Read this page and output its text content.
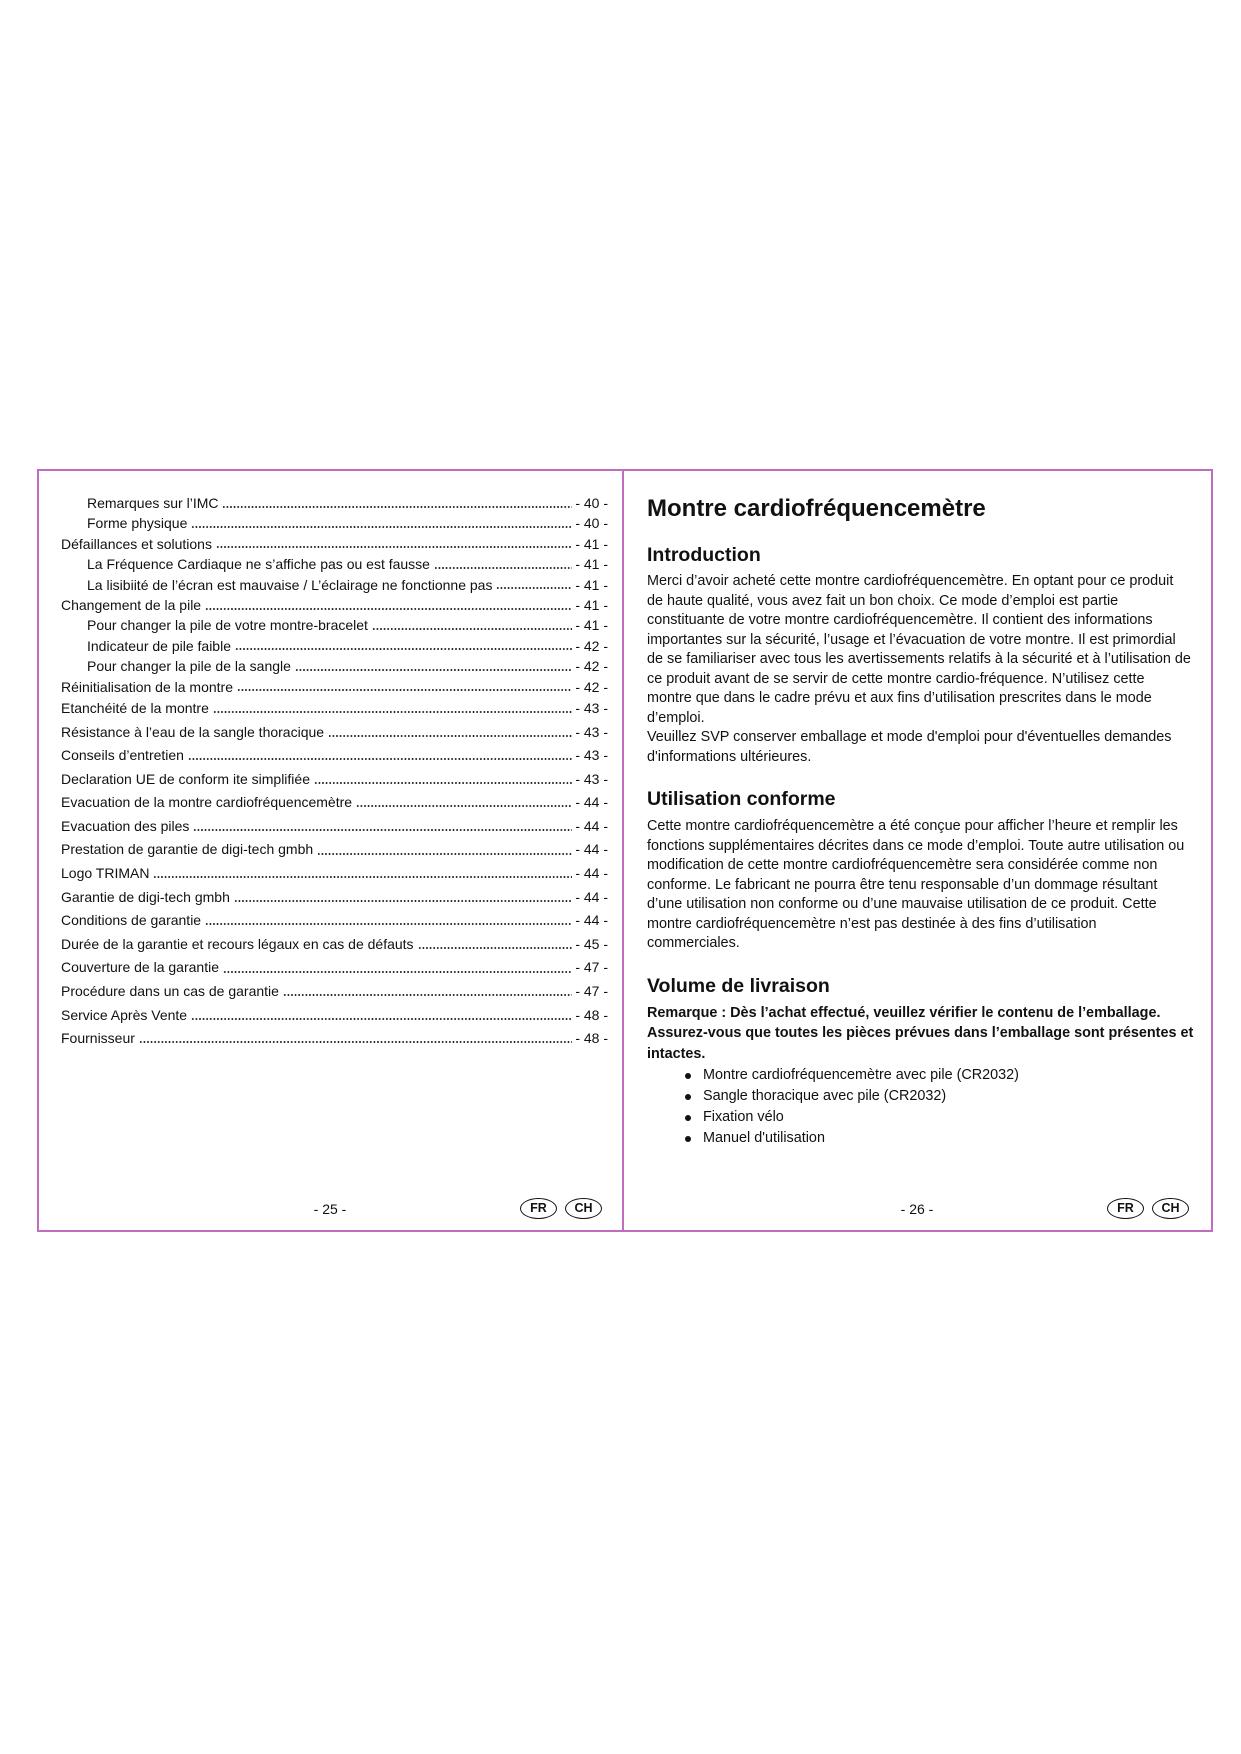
Remarques sur l’IMC	- 40 -
Forme physique	- 40 -
Défaillances et solutions	- 41 -
La Fréquence Cardiaque ne s’affiche pas ou est fausse	- 41 -
La lisibiité de l’écran est mauvaise / L’éclairage ne fonctionne pas	- 41 -
Changement de la pile	- 41 -
Pour changer la pile de votre montre-bracelet	- 41 -
Indicateur de pile faible	- 42 -
Pour changer la pile de la sangle	- 42 -
Réinitialisation de la montre	- 42 -
Etanchéité de la montre	- 43 -
Résistance à l’eau de la sangle thoracique	- 43 -
Conseils d’entretien	- 43 -
Declaration UE de conform ite simplifiée	- 43 -
Evacuation de la montre cardiofréquencemètre	- 44 -
Evacuation des piles	- 44 -
Prestation de garantie de digi-tech gmbh	- 44 -
Logo TRIMAN	- 44 -
Garantie de digi-tech gmbh	- 44 -
Conditions de garantie	- 44 -
Durée de la garantie et recours légaux en cas de défauts	- 45 -
Couverture de la garantie	- 47 -
Procédure dans un cas de garantie	- 47 -
Service Après Vente	- 48 -
Fournisseur	- 48 -
- 25 -	FR	CH
Montre cardiofréquencemètre
Introduction
Merci d’avoir acheté cette montre cardiofréquencemètre. En optant pour ce produit
de haute qualité, vous avez fait un bon choix. Ce mode d’emploi est partie
constituante de votre montre cardiofréquencemètre. Il contient des informations
importantes sur la sécurité, l’usage et l’évacuation de votre montre. Il est primordial
de se familiariser avec tous les avertissements relatifs à la sécurité et à l’utilisation de
ce produit avant de se servir de cette montre cardio-fréquence. N’utilisez cette
montre que dans le cadre prévu et aux fins d’utilisation prescrites dans le mode
d’emploi.
Veuillez SVP conserver emballage et mode d'emploi pour d'éventuelles demandes
d'informations ultérieures.
Utilisation conforme
Cette montre cardiofréquencemètre a été conçue pour afficher l’heure et remplir les
fonctions supplémentaires décrites dans ce mode d’emploi. Toute autre utilisation ou
modification de cette montre cardiofréquencemètre sera considérée comme non
conforme. Le fabricant ne pourra être tenu responsable d’un dommage résultant
d’une utilisation non conforme ou d’une mauvaise utilisation de ce produit. Cette
montre cardiofréquencemètre n’est pas destinée à des fins d’utilisation
commerciales.
Volume de livraison
Remarque : Dès l’achat effectué, veuillez vérifier le contenu de l’emballage.
Assurez-vous que toutes les pièces prévues dans l’emballage sont présentes et
intactes.
Montre cardiofréquencemètre avec pile (CR2032)
Sangle thoracique avec pile (CR2032)
Fixation vélo
Manuel d'utilisation
- 26 -	FR	CH
